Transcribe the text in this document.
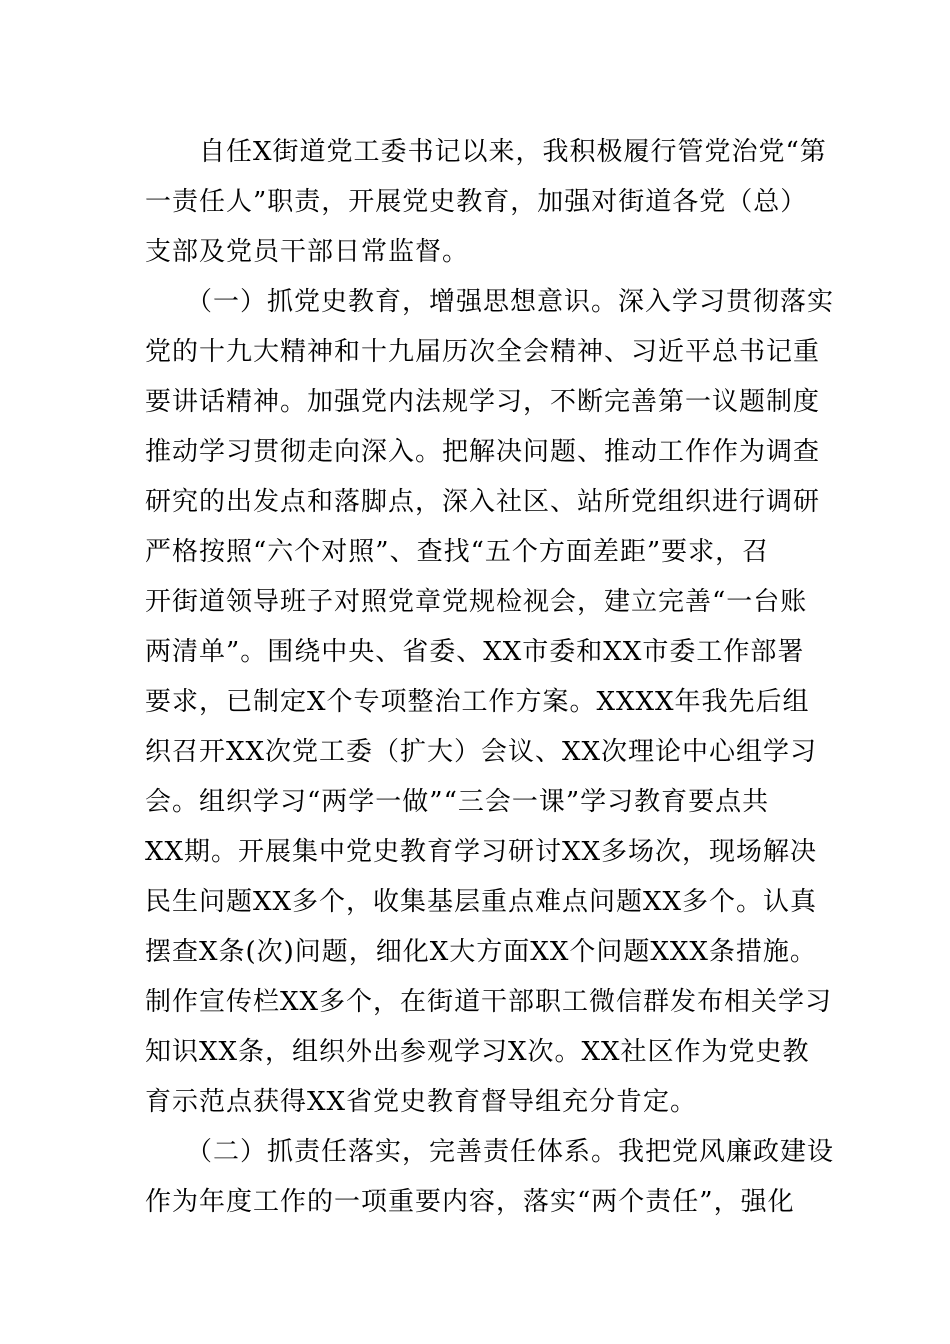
　　自任X街道党工委书记以来，我积极履行管党治党“第
一责任人”职责，开展党史教育，加强对街道各党（总）
支部及党员干部日常监督。
　　（一）抓党史教育，增强思想意识。深入学习贯彻落实
党的十九大精神和十九届历次全会精神、习近平总书记重
要讲话精神。加强党内法规学习，不断完善第一议题制度
推动学习贯彻走向深入。把解决问题、推动工作作为调查
研究的出发点和落脚点，深入社区、站所党组织进行调研
严格按照“六个对照”、查找“五个方面差距”要求，召
开街道领导班子对照党章党规检视会，建立完善“一台账
两清单”。围绕中央、省委、XX市委和XX市委工作部署
要求，已制定X个专项整治工作方案。XXXX年我先后组
织召开XX次党工委（扩大）会议、XX次理论中心组学习
会。组织学习“两学一做”“三会一课”学习教育要点共
XX期。开展集中党史教育学习研讨XX多场次，现场解决
民生问题XX多个，收集基层重点难点问题XX多个。认真
摆查X条(次)问题，细化X大方面XX个问题XXX条措施。
制作宣传栏XX多个，在街道干部职工微信群发布相关学习
知识XX条，组织外出参观学习X次。XX社区作为党史教
育示范点获得XX省党史教育督导组充分肯定。
　　（二）抓责任落实，完善责任体系。我把党风廉政建设
作为年度工作的一项重要内容，落实“两个责任”，强化
